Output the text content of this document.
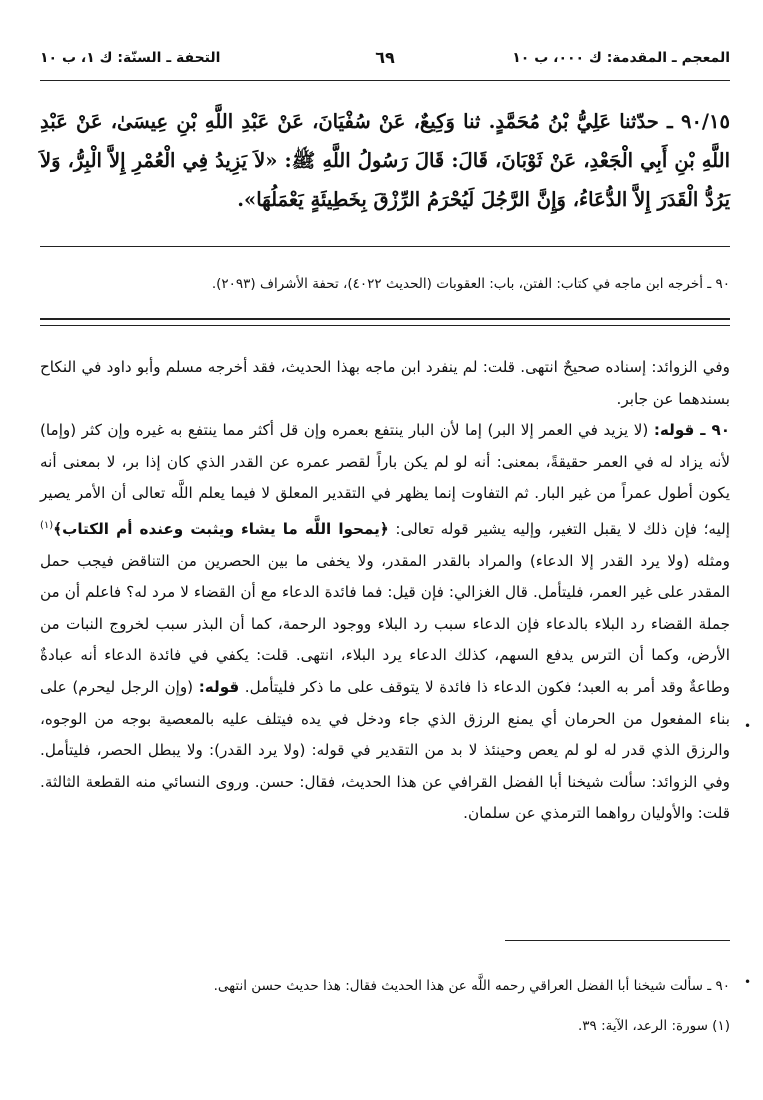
المعجم ـ المقدمة: ك ٠٠٠، ب ١٠
٦٩
التحفة ـ السنّة: ك ١، ب ١٠
٩٠/١٥ ـ حدّثنا عَلِيُّ بْنُ مُحَمَّدٍ. ثنا وَكِيعٌ، عَنْ سُفْيَانَ، عَنْ عَبْدِ اللَّهِ بْنِ عِيسَىٰ، عَنْ عَبْدِ اللَّهِ بْنِ أَبِي الْجَعْدِ، عَنْ ثَوْبَانَ، قَالَ: قَالَ رَسُولُ اللَّهِ ﷺ: «لاَ يَزِيدُ فِي الْعُمْرِ إِلاَّ الْبِرُّ، وَلاَ يَرُدُّ الْقَدَرَ إِلاَّ الدُّعَاءُ، وَإِنَّ الرَّجُلَ لَيُحْرَمُ الرِّزْقَ بِخَطِيئَةٍ يَعْمَلُهَا».
٩٠ ـ أخرجه ابن ماجه في كتاب: الفتن، باب: العقوبات (الحديث ٤٠٢٢)، تحفة الأشراف (٢٠٩٣).

وفي الزوائد: إسناده صحيحٌ انتهى. قلت: لم ينفرد ابن ماجه بهذا الحديث، فقد أخرجه مسلم وأبو داود في النكاح بسندهما عن جابر.

٩٠ ـ قوله: (لا يزيد في العمر إلا البر) إما لأن البار ينتفع بعمره وإن قل أكثر مما ينتفع به غيره وإن كثر (وإما) لأنه يزاد له في العمر حقيقةً، بمعنى: أنه لو لم يكن باراً لقصر عمره عن القدر الذي كان إذا بر، لا بمعنى أنه يكون أطول عمراً من غير البار. ثم التفاوت إنما يظهر في التقدير المعلق لا فيما يعلم اللَّه تعالى أن الأمر يصير إليه؛ فإن ذلك لا يقبل التغير، وإليه يشير قوله تعالى: ﴿يمحوا اللَّه ما يشاء ويثبت وعنده أم الكتاب﴾$^{(١)}$ ومثله (ولا يرد القدر إلا الدعاء) والمراد بالقدر المقدر، ولا يخفى ما بين الحصرين من التناقض فيجب حمل المقدر على غير العمر، فليتأمل. قال الغزالي: فإن قيل: فما فائدة الدعاء مع أن القضاء لا مرد له؟ فاعلم أن من جملة القضاء رد البلاء بالدعاء فإن الدعاء سبب رد البلاء ووجود الرحمة، كما أن البذر سبب لخروج النبات من الأرض، وكما أن الترس يدفع السهم، كذلك الدعاء يرد البلاء، انتهى. قلت: يكفي في فائدة الدعاء أنه عبادةٌ وطاعةٌ وقد أمر به العبد؛ فكون الدعاء ذا فائدة لا يتوقف على ما ذكر فليتأمل. قوله: (وإن الرجل ليحرم) على بناء المفعول من الحرمان أي يمنع الرزق الذي جاء ودخل في يده فيتلف عليه بالمعصية بوجه من الوجوه، والرزق الذي قدر له لو لم يعص وحينئذ لا بد من التقدير في قوله: (ولا يرد القدر): ولا يبطل الحصر، فليتأمل. وفي الزوائد: سألت شيخنا أبا الفضل القرافي عن هذا الحديث، فقال: حسن. وروى النسائي منه القطعة الثالثة. قلت: والأوليان رواهما الترمذي عن سلمان.

٩٠ ـ سألت شيخنا أبا الفضل العراقي رحمه اللَّه عن هذا الحديث فقال: هذا حديث حسن انتهى.
(١) سورة: الرعد، الآية: ٣٩.
•
•
